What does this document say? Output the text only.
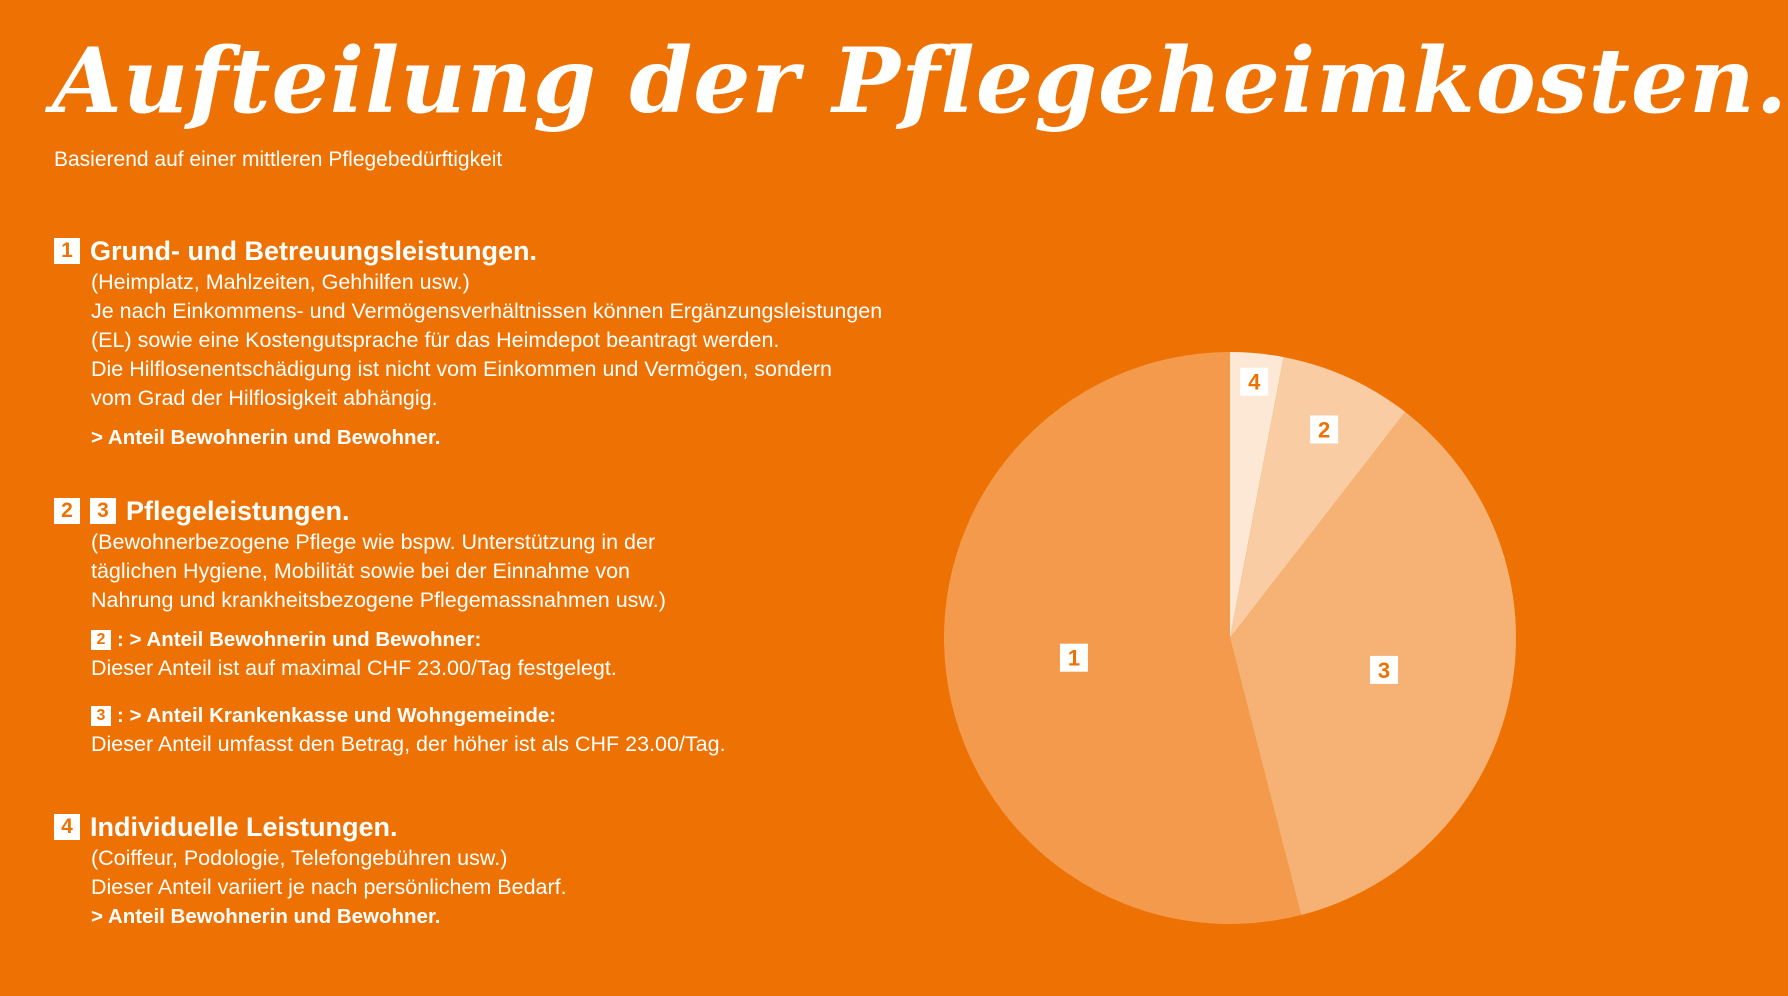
Aufteilung der Pflegeheimkosten.
Basierend auf einer mittleren Pflegebedürftigkeit
1 Grund- und Betreuungsleistungen.
(Heimplatz, Mahlzeiten, Gehhilfen usw.)
Je nach Einkommens- und Vermögensverhältnissen können Ergänzungsleistungen
(EL) sowie eine Kostengutsprache für das Heimdepot beantragt werden.
Die Hilflosenentschädigung ist nicht vom Einkommen und Vermögen, sondern
vom Grad der Hilflosigkeit abhängig.
> Anteil Bewohnerin und Bewohner.
2	3 Pflegeleistungen.
(Bewohnerbezogene Pflege wie bspw. Unterstützung in der
täglichen Hygiene, Mobilität sowie bei der Einnahme von
Nahrung und krankheitsbezogene Pflegemassnahmen usw.)
2 : > Anteil Bewohnerin und Bewohner:
Dieser Anteil ist auf maximal CHF 23.00/Tag festgelegt.
3 : > Anteil Krankenkasse und Wohngemeinde:
Dieser Anteil umfasst den Betrag, der höher ist als CHF 23.00/Tag.
4 Individuelle Leistungen.
(Coiffeur, Podologie, Telefongebühren usw.)
Dieser Anteil variiert je nach persönlichem Bedarf.
> Anteil Bewohnerin und Bewohner.
4
2
3
1
